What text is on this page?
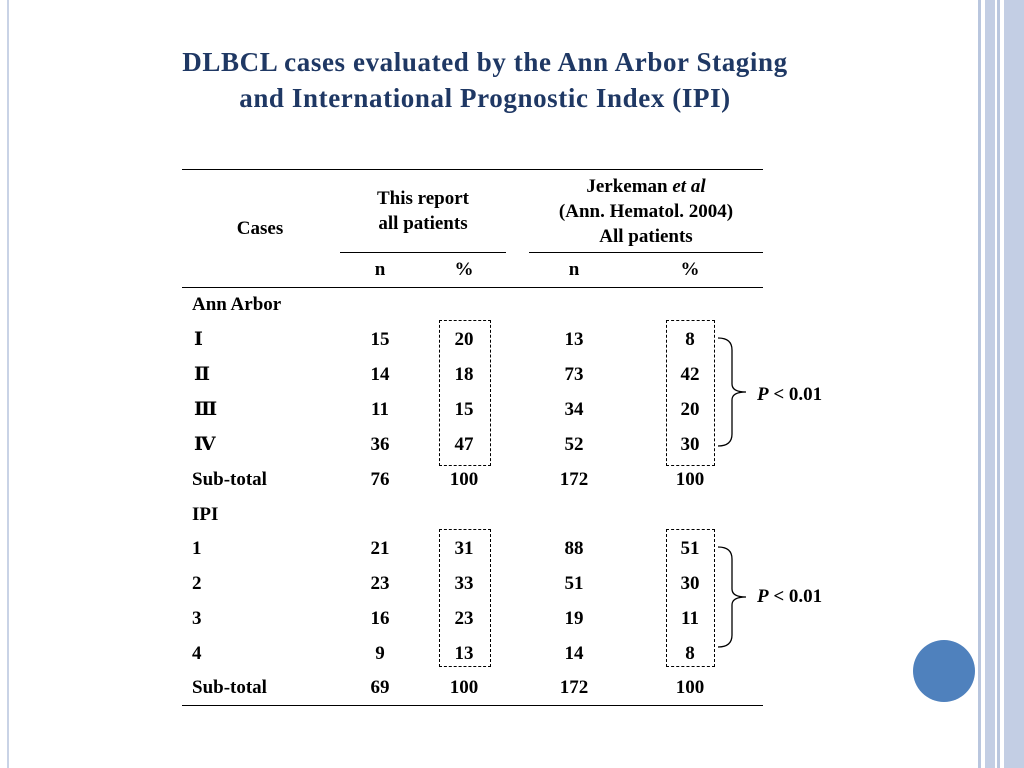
DLBCL cases evaluated by the Ann Arbor Staging
and International Prognostic Index (IPI)
Cases
This report
all patients
Jerkeman et al
(Ann. Hematol. 2004)
All patients
n	%	n	%
Ann Arbor
Ⅰ	15	20	13	8
Ⅱ	14	18	73	42
Ⅲ	11	15	34	20
Ⅳ	36	47	52	30
Sub-total	76	100	172	100
IPI
1	21	31	88	51
2	23	33	51	30
3	16	23	19	11
4	9	13	14	8
Sub-total	69	100	172	100
P < 0.01
P < 0.01
